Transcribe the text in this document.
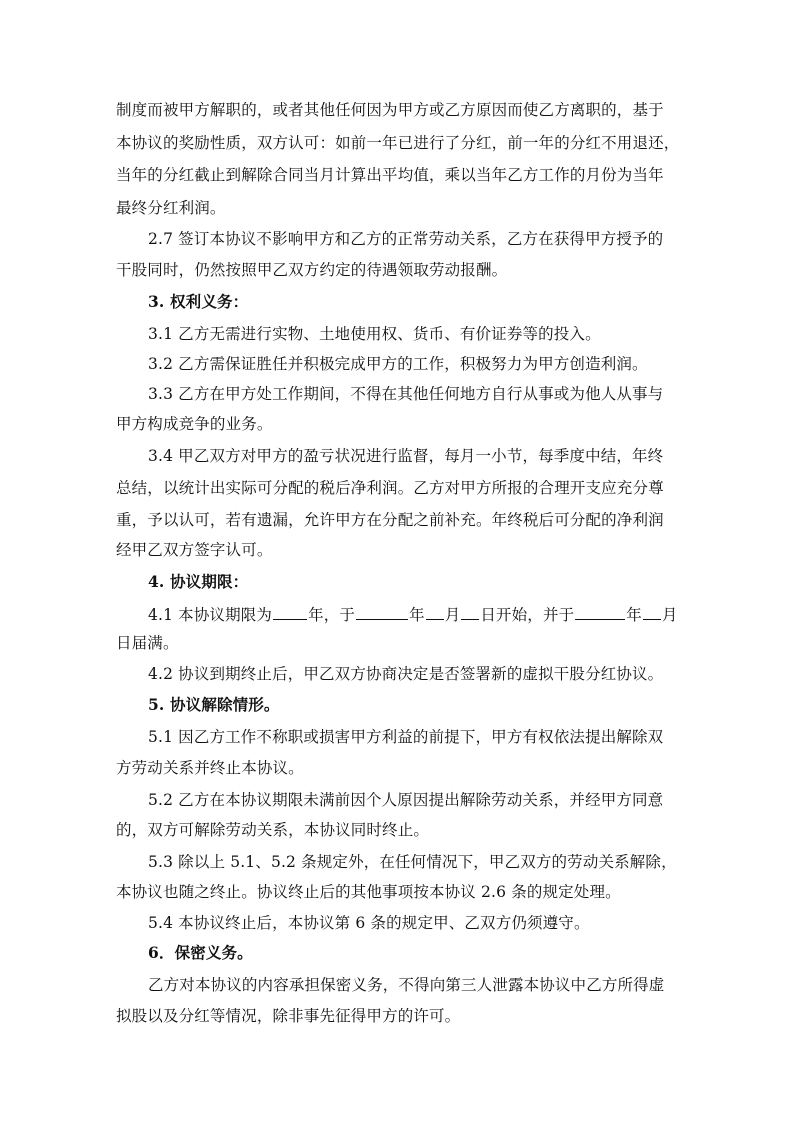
制度而被甲方解职的，或者其他任何因为甲方或乙方原因而使乙方离职的，基于
本协议的奖励性质，双方认可：如前一年已进行了分红，前一年的分红不用退还，
当年的分红截止到解除合同当月计算出平均值，乘以当年乙方工作的月份为当年
最终分红利润。
2.7 签订本协议不影响甲方和乙方的正常劳动关系，乙方在获得甲方授予的
干股同时，仍然按照甲乙双方约定的待遇领取劳动报酬。
3. 权利义务：
3.1 乙方无需进行实物、土地使用权、货币、有价证券等的投入。
3.2 乙方需保证胜任并积极完成甲方的工作，积极努力为甲方创造利润。
3.3 乙方在甲方处工作期间，不得在其他任何地方自行从事或为他人从事与
甲方构成竞争的业务。
3.4 甲乙双方对甲方的盈亏状况进行监督，每月一小节，每季度中结，年终
总结，以统计出实际可分配的税后净利润。乙方对甲方所报的合理开支应充分尊
重，予以认可，若有遗漏，允许甲方在分配之前补充。年终税后可分配的净利润
经甲乙双方签字认可。
4. 协议期限：
4.1 本协议期限为 年，于	年 月 日开始，并于	年 月
日届满。
4.2 协议到期终止后，甲乙双方协商决定是否签署新的虚拟干股分红协议。
5. 协议解除情形。
5.1 因乙方工作不称职或损害甲方利益的前提下，甲方有权依法提出解除双
方劳动关系并终止本协议。
5.2 乙方在本协议期限未满前因个人原因提出解除劳动关系，并经甲方同意
的，双方可解除劳动关系，本协议同时终止。
5.3 除以上 5.1、5.2 条规定外，在任何情况下，甲乙双方的劳动关系解除，
本协议也随之终止。协议终止后的其他事项按本协议 2.6 条的规定处理。
5.4 本协议终止后，本协议第 6 条的规定甲、乙双方仍须遵守。
6．保密义务。
乙方对本协议的内容承担保密义务，不得向第三人泄露本协议中乙方所得虚
拟股以及分红等情况，除非事先征得甲方的许可。
